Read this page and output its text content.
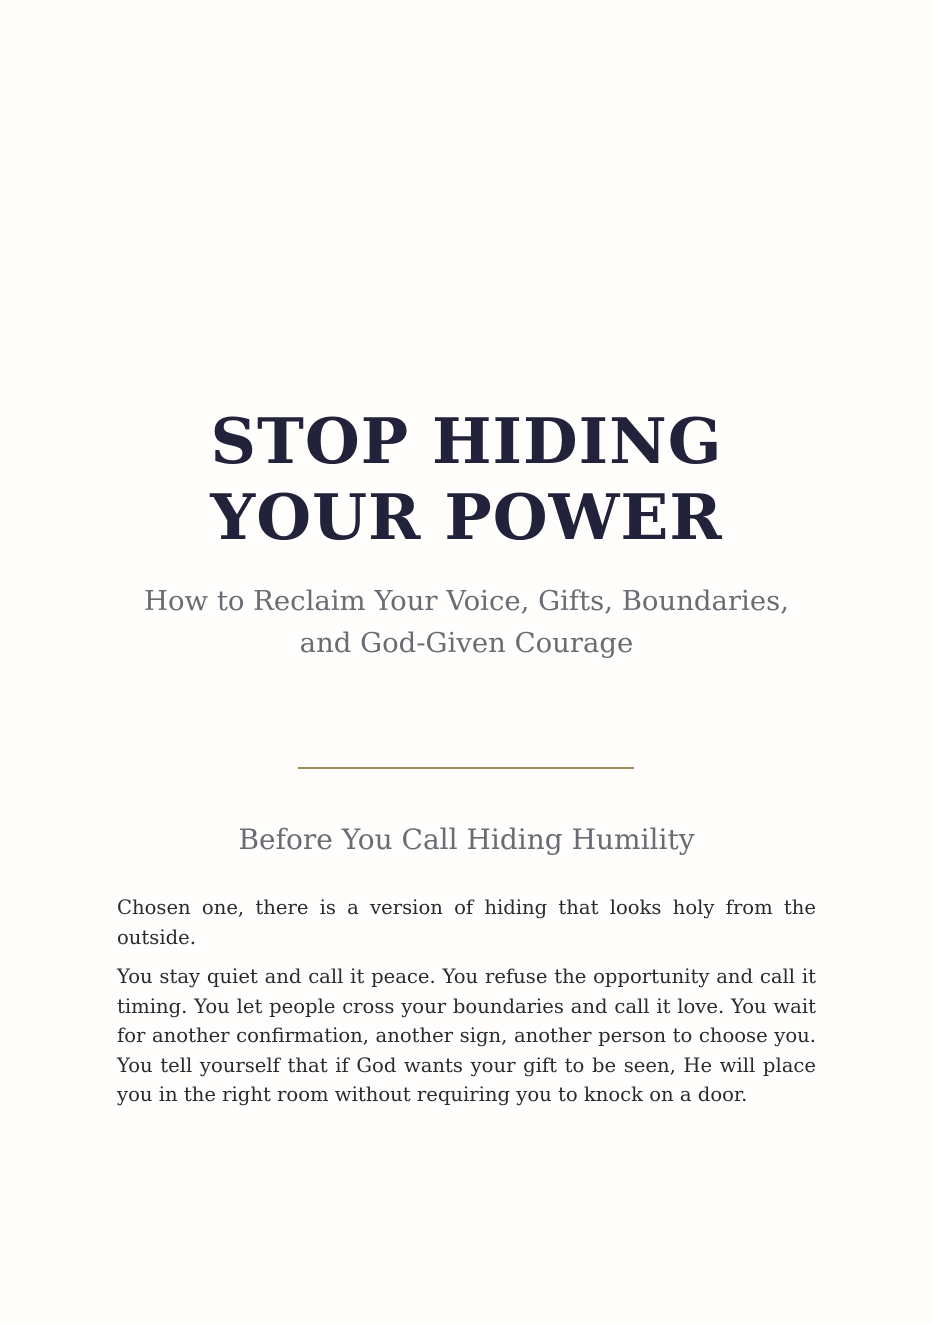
STOP HIDING
YOUR POWER
How to Reclaim Your Voice, Gifts, Boundaries,
and God-Given Courage
Before You Call Hiding Humility

Chosen one, there is a version of hiding that looks holy from the outside.

You stay quiet and call it peace. You refuse the opportunity and call it timing. You let people cross your boundaries and call it love. You wait for another confirmation, another sign, another person to choose you. You tell yourself that if God wants your gift to be seen, He will place you in the right room without requiring you to knock on a door.
